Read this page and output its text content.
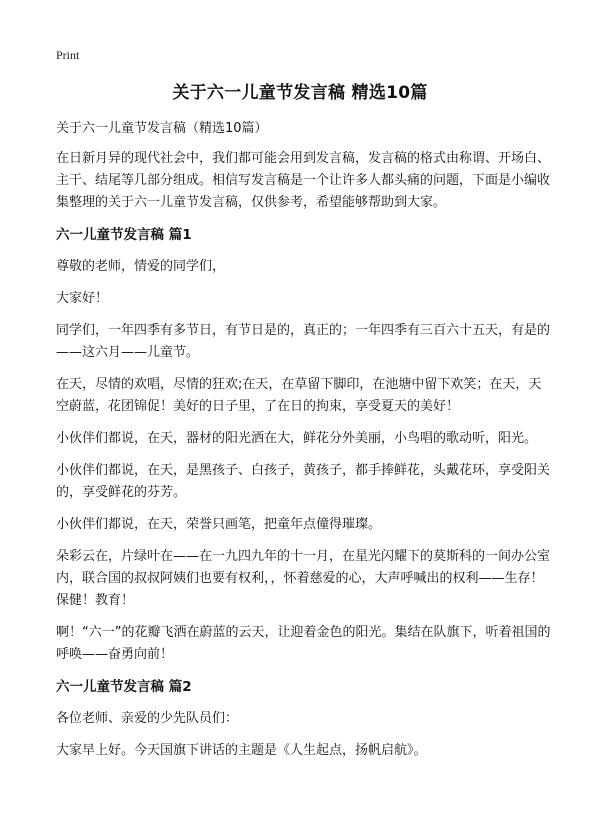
Print
关于六一儿童节发言稿 精选10篇

关于六一儿童节发言稿（精选10篇）

在日新月异的现代社会中，我们都可能会用到发言稿，发言稿的格式由称谓、开场白、主干、结尾等几部分组成。相信写发言稿是一个让许多人都头痛的问题，下面是小编收集整理的关于六一儿童节发言稿，仅供参考，希望能够帮助到大家。

六一儿童节发言稿 篇1

尊敬的老师，情爱的同学们，

大家好！

同学们，一年四季有多节日，有节日是的，真正的；一年四季有三百六十五天，有是的——这六月——儿童节。

在天，尽情的欢唱，尽情的狂欢;在天，在草留下脚印，在池塘中留下欢笑；在天，天空蔚蓝，花团锦促！美好的日子里，了在日的拘束，享受夏天的美好！

小伙伴们都说，在天，器材的阳光洒在大，鲜花分外美丽，小鸟唱的歌动听，阳光。

小伙伴们都说，在天，是黑孩子、白孩子，黄孩子，都手捧鲜花，头戴花环，享受阳关的，享受鲜花的芬芳。

小伙伴们都说，在天，荣誉只画笔，把童年点僮得璀璨。

朵彩云在，片绿叶在——在一九四九年的十一月，在星光闪耀下的莫斯科的一间办公室内，联合国的叔叔阿姨们也要有权利，，怀着慈爱的心，大声呼喊出的权利——生存！保健！教育！

啊！“六一”的花瓣飞洒在蔚蓝的云天，让迎着金色的阳光。集结在队旗下，听着祖国的呼唤——奋勇向前！

六一儿童节发言稿 篇2

各位老师、亲爱的少先队员们：

大家早上好。今天国旗下讲话的主题是《人生起点，扬帆启航》。
